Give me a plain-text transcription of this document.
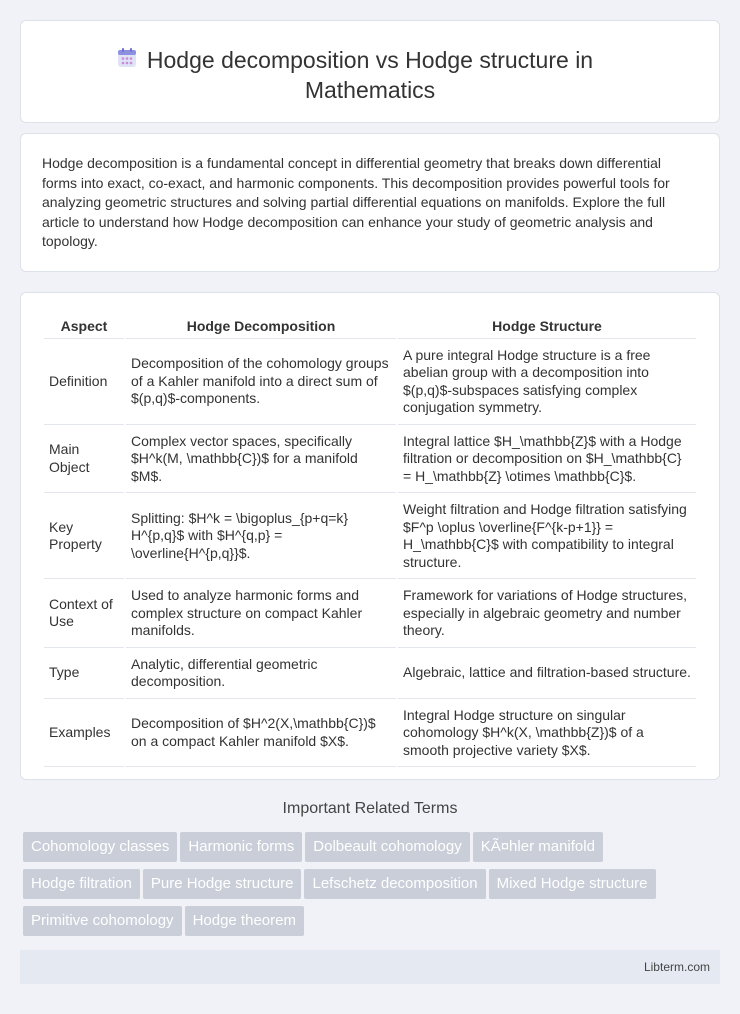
Hodge decomposition vs Hodge structure in
Mathematics

Hodge decomposition is a fundamental concept in differential geometry that breaks down differential forms into exact, co-exact, and harmonic components. This decomposition provides powerful tools for analyzing geometric structures and solving partial differential equations on manifolds. Explore the full article to understand how Hodge decomposition can enhance your study of geometric analysis and topology.

Aspect	Hodge Decomposition	Hodge Structure
Definition	Decomposition of the cohomology groups of a Kahler manifold into a direct sum of $(p,q)$-components.	A pure integral Hodge structure is a free abelian group with a decomposition into $(p,q)$-subspaces satisfying complex conjugation symmetry.
Main Object	Complex vector spaces, specifically $H^k(M, \mathbb{C})$ for a manifold $M$.	Integral lattice $H_\mathbb{Z}$ with a Hodge filtration or decomposition on $H_\mathbb{C} = H_\mathbb{Z} \otimes \mathbb{C}$.
Key Property	Splitting: $H^k = \bigoplus_{p+q=k} H^{p,q}$ with $H^{q,p} = \overline{H^{p,q}}$.	Weight filtration and Hodge filtration satisfying $F^p \oplus \overline{F^{k-p+1}} = H_\mathbb{C}$ with compatibility to integral structure.
Context of Use	Used to analyze harmonic forms and complex structure on compact Kahler manifolds.	Framework for variations of Hodge structures, especially in algebraic geometry and number theory.
Type	Analytic, differential geometric decomposition.	Algebraic, lattice and filtration-based structure.
Examples	Decomposition of $H^2(X,\mathbb{C})$ on a compact Kahler manifold $X$.	Integral Hodge structure on singular cohomology $H^k(X, \mathbb{Z})$ of a smooth projective variety $X$.
Important Related Terms
Cohomology classes Harmonic forms Dolbeault cohomology KÃ¤hler manifold
Hodge filtration Pure Hodge structure Lefschetz decomposition Mixed Hodge structure
Primitive cohomology Hodge theorem
Libterm.com
